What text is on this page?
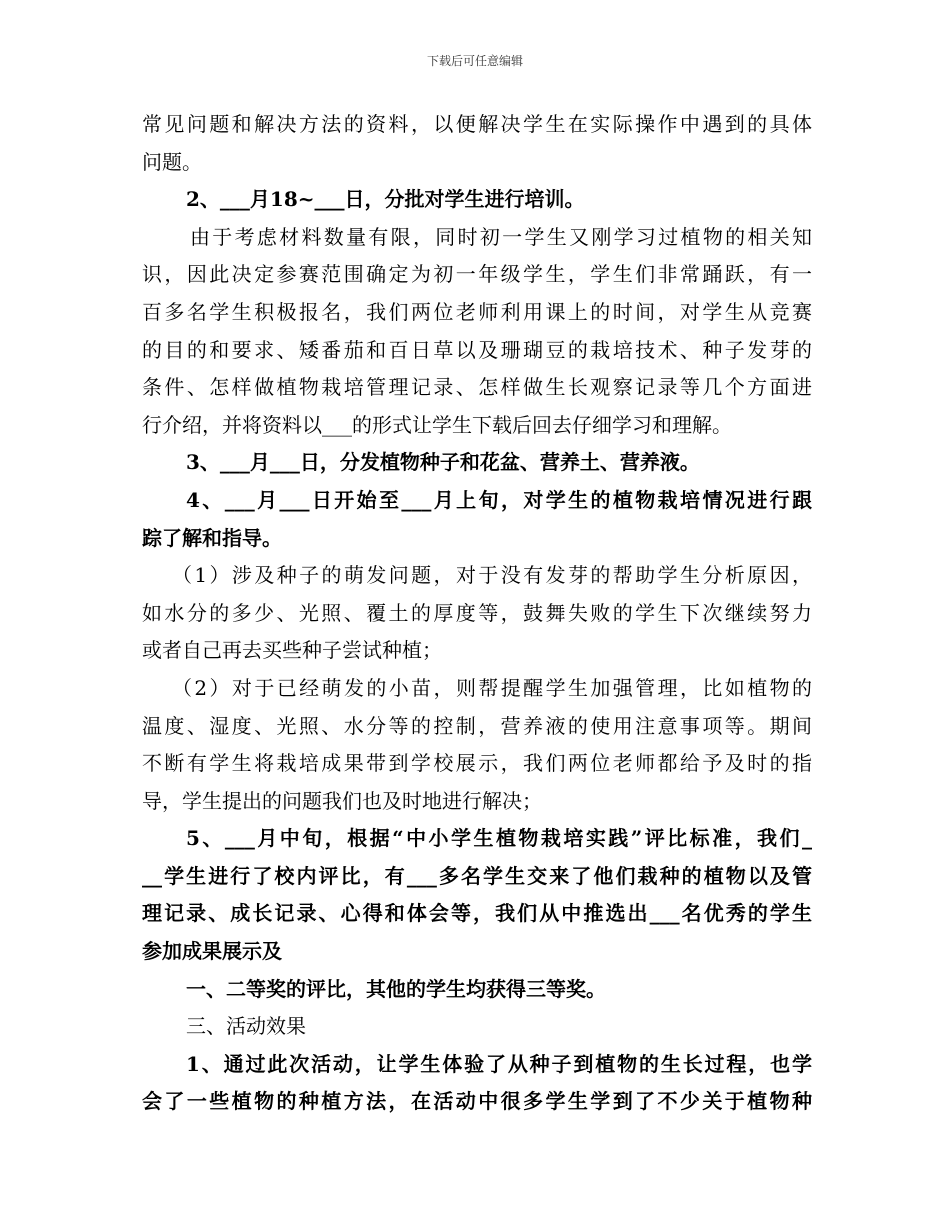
下载后可任意编辑
常见问题和解决方法的资料，以便解决学生在实际操作中遇到的具体
问题。
2、___月18~___日，分批对学生进行培训。
由于考虑材料数量有限，同时初一学生又刚学习过植物的相关知
识，因此决定参赛范围确定为初一年级学生，学生们非常踊跃，有一
百多名学生积极报名，我们两位老师利用课上的时间，对学生从竞赛
的目的和要求、矮番茄和百日草以及珊瑚豆的栽培技术、种子发芽的
条件、怎样做植物栽培管理记录、怎样做生长观察记录等几个方面进
行介绍，并将资料以___的形式让学生下载后回去仔细学习和理解。
3、___月___日，分发植物种子和花盆、营养土、营养液。
4、___月___日开始至___月上旬，对学生的植物栽培情况进行跟
踪了解和指导。
（1）涉及种子的萌发问题，对于没有发芽的帮助学生分析原因，
如水分的多少、光照、覆土的厚度等，鼓舞失败的学生下次继续努力
或者自己再去买些种子尝试种植；
（2）对于已经萌发的小苗，则帮提醒学生加强管理，比如植物的
温度、湿度、光照、水分等的控制，营养液的使用注意事项等。期间
不断有学生将栽培成果带到学校展示，我们两位老师都给予及时的指
导，学生提出的问题我们也及时地进行解决；
5、___月中旬，根据“中小学生植物栽培实践”评比标准，我们_
__学生进行了校内评比，有___多名学生交来了他们栽种的植物以及管
理记录、成长记录、心得和体会等，我们从中推选出___名优秀的学生
参加成果展示及
一、二等奖的评比，其他的学生均获得三等奖。
三、活动效果
1、通过此次活动，让学生体验了从种子到植物的生长过程，也学
会了一些植物的种植方法，在活动中很多学生学到了不少关于植物种
